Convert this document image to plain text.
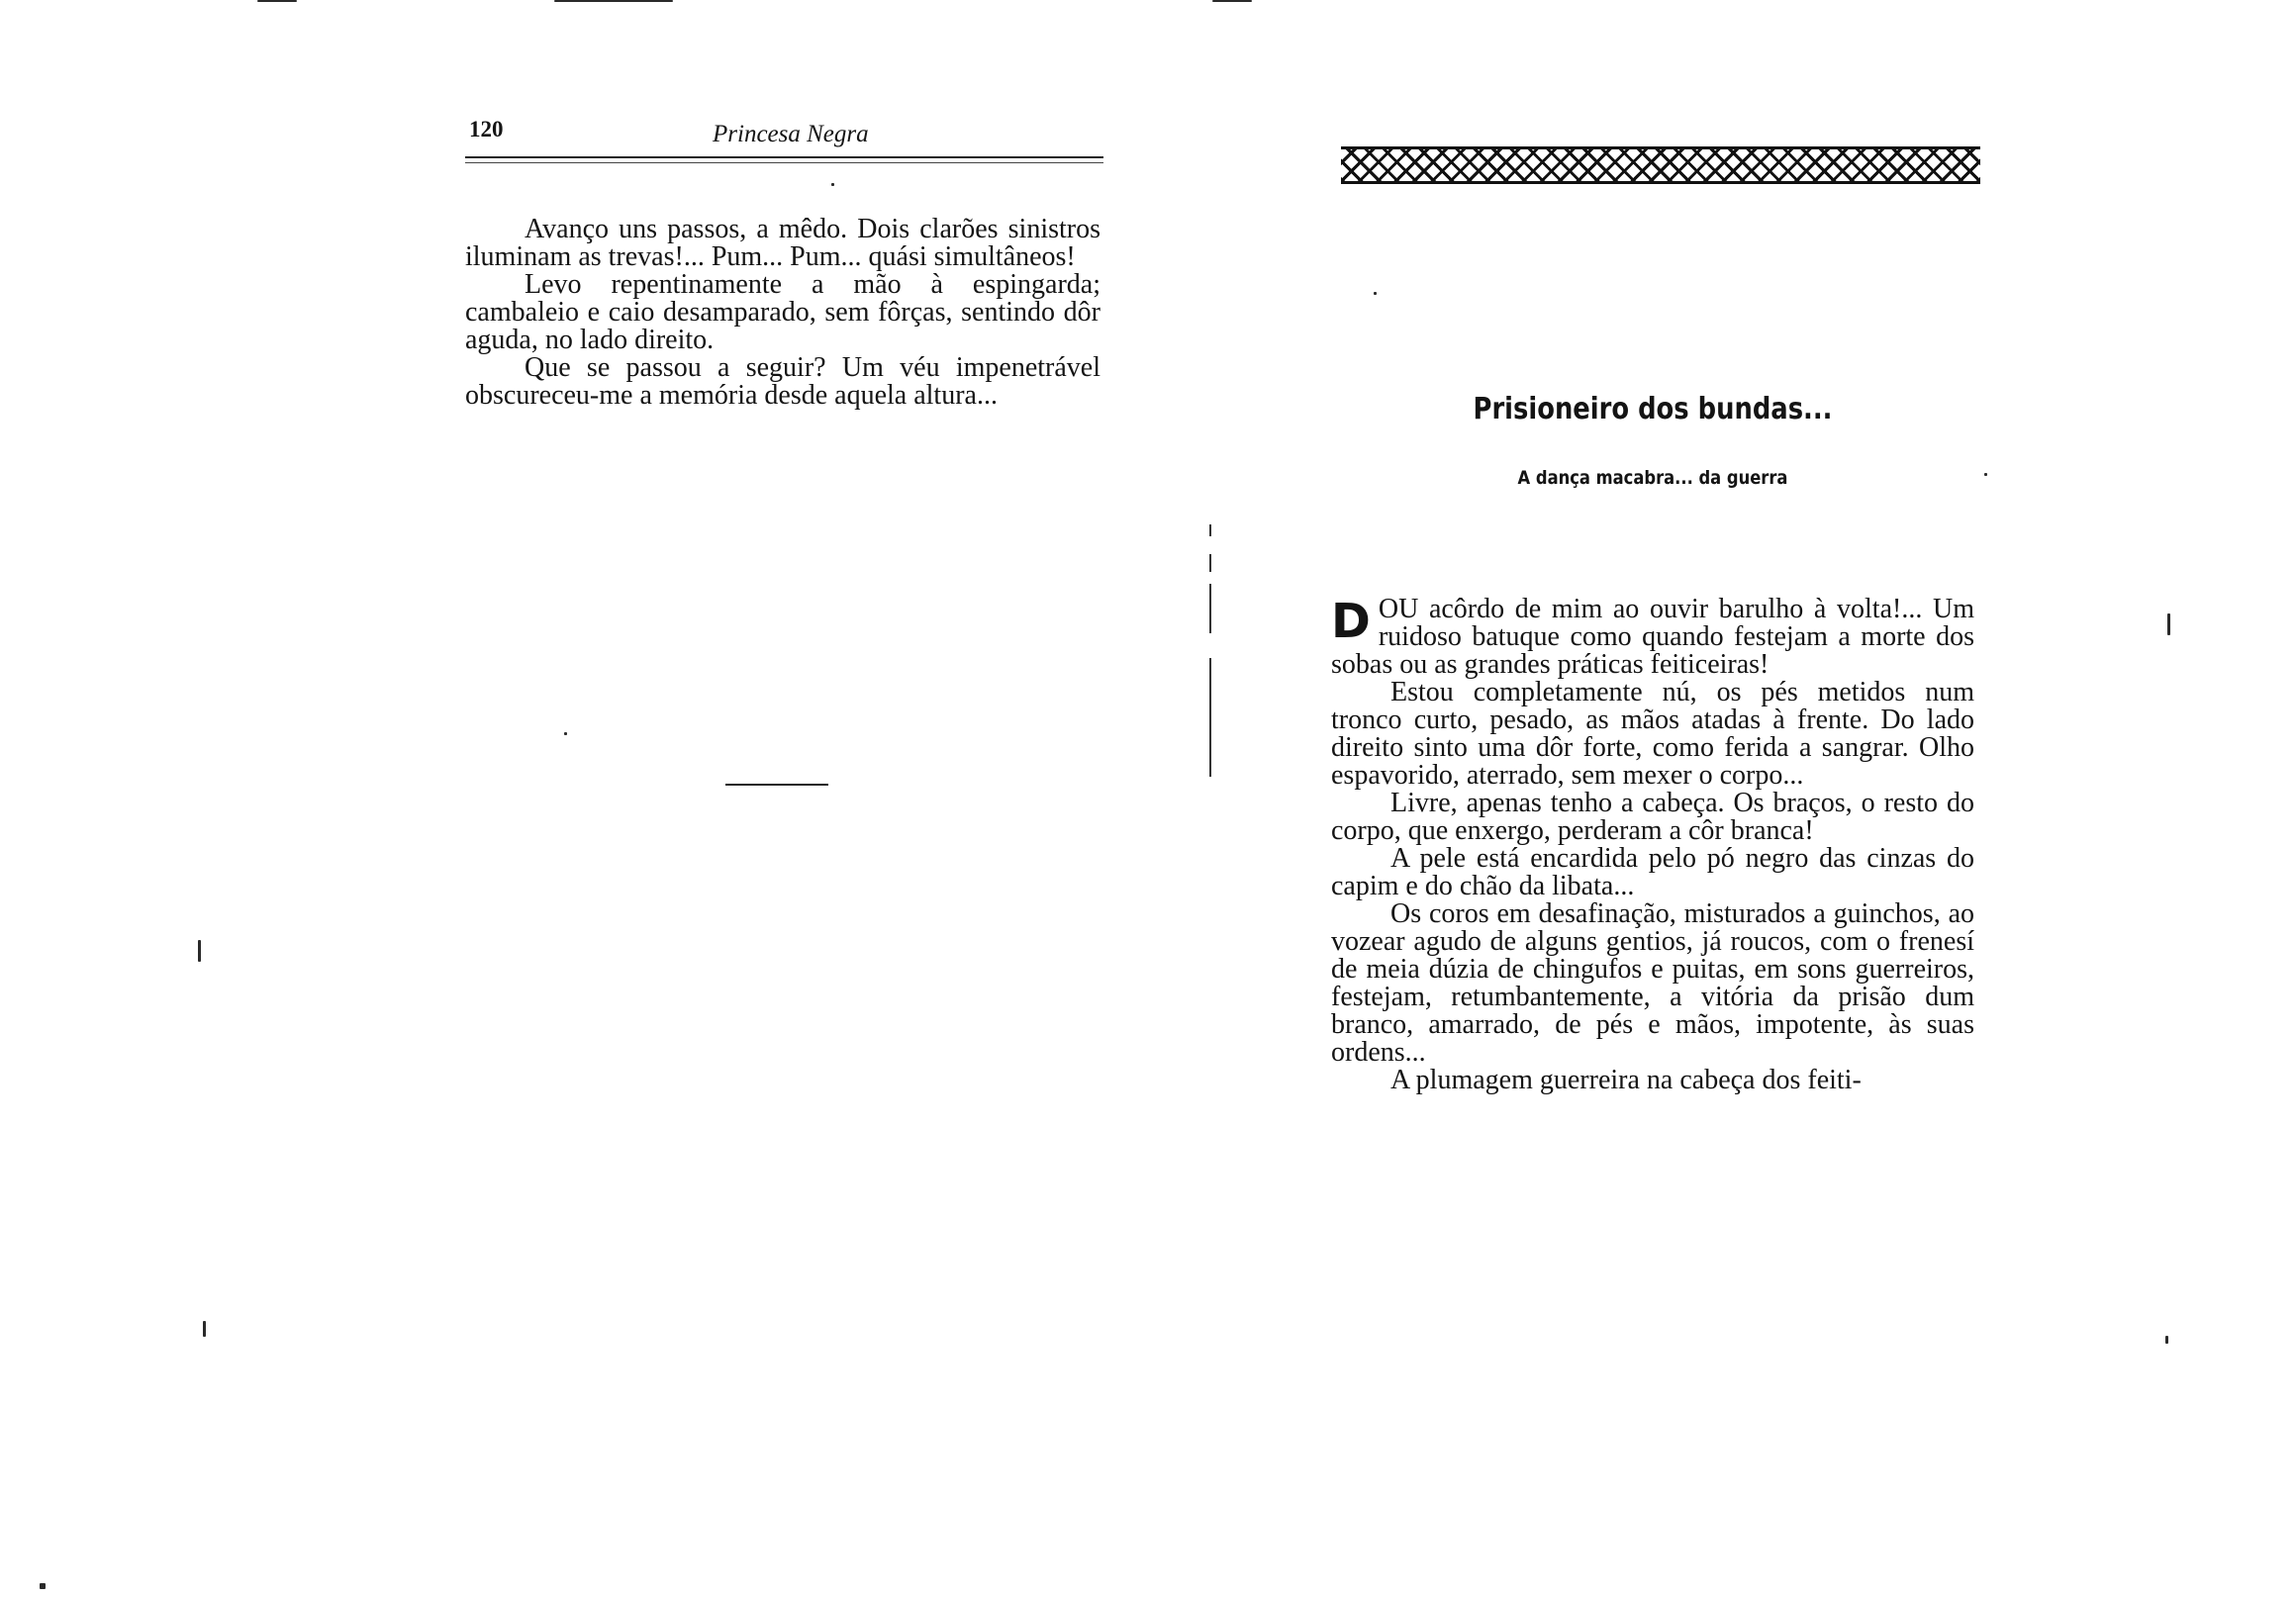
120	Princesa Negra

Avanço uns passos, a mêdo. Dois clarões sinistros iluminam as trevas!... Pum... Pum... quási simultâneos!

Levo repentinamente a mão à espingarda; cambaleio e caio desamparado, sem fôrças, sentindo dôr aguda, no lado direito.

Que se passou a seguir? Um véu impenetrável obscureceu-me a memória desde aquela altura...	Prisioneiro dos bundas...
A dança macabra... da guerra

DOU acôrdo de mim ao ouvir barulho à volta!... Um ruidoso batuque como quando festejam a morte dos sobas ou as grandes práticas feiticeiras!

Estou completamente nú, os pés metidos num tronco curto, pesado, as mãos atadas à frente. Do lado direito sinto uma dôr forte, como ferida a sangrar. Olho espavorido, aterrado, sem mexer o corpo...

Livre, apenas tenho a cabeça. Os braços, o resto do corpo, que enxergo, perderam a côr branca!

A pele está encardida pelo pó negro das cinzas do capim e do chão da libata...

Os coros em desafinação, misturados a guinchos, ao vozear agudo de alguns gentios, já roucos, com o frenesí de meia dúzia de chingufos e puitas, em sons guerreiros, festejam, retumbantemente, a vitória da prisão dum branco, amarrado, de pés e mãos, impotente, às suas ordens...

A plumagem guerreira na cabeça dos feiti-
